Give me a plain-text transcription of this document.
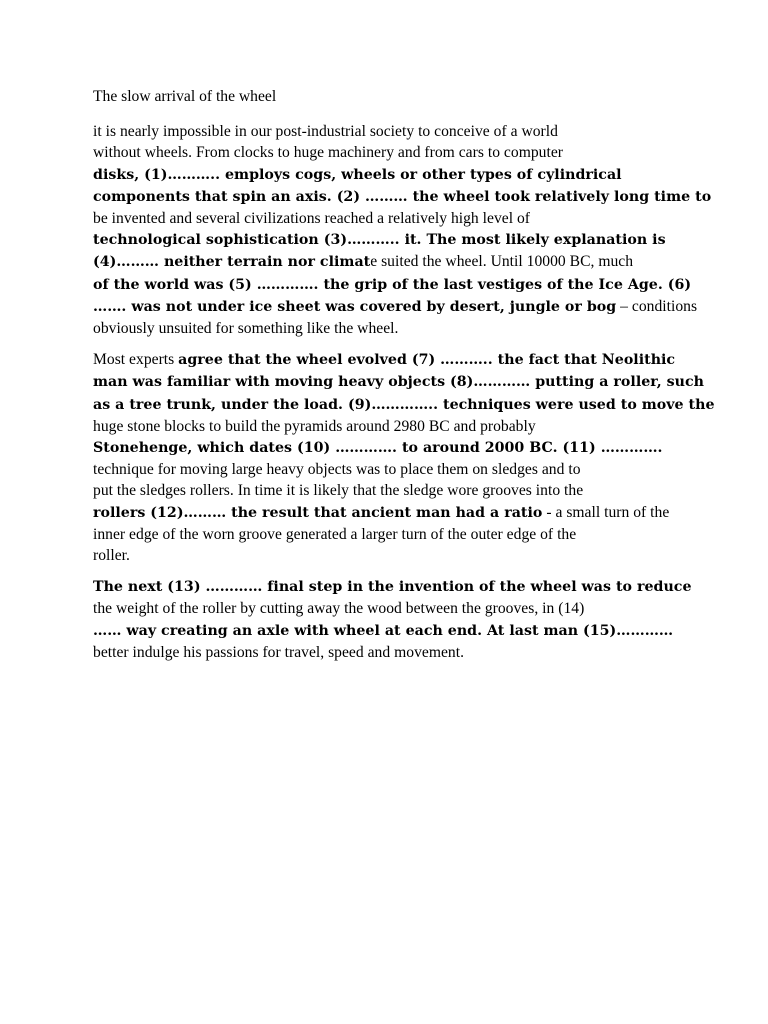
The slow arrival of the wheel

it is nearly impossible in our post-industrial society to conceive of a world
without wheels. From clocks to huge machinery and from cars to computer
disks, (1)……….. employs cogs, wheels or other types of cylindrical
components that spin an axis. (2) ……… the wheel took relatively long time to
be invented and several civilizations reached a relatively high level of
technological sophistication (3)……….. it. The most likely explanation is
(4)……… neither terrain nor climate suited the wheel. Until 10000 BC, much
of the world was (5) …………. the grip of the last vestiges of the Ice Age. (6)
……. was not under ice sheet was covered by desert, jungle or bog – conditions
obviously unsuited for something like the wheel.

Most experts agree that the wheel evolved (7) ……….. the fact that Neolithic
man was familiar with moving heavy objects (8)………… putting a roller, such
as a tree trunk, under the load. (9)………….. techniques were used to move the
huge stone blocks to build the pyramids around 2980 BC and probably
Stonehenge, which dates (10) …………. to around 2000 BC. (11) ………….
technique for moving large heavy objects was to place them on sledges and to
put the sledges rollers. In time it is likely that the sledge wore grooves into the
rollers (12)……… the result that ancient man had a ratio - a small turn of the
inner edge of the worn groove generated a larger turn of the outer edge of the
roller.

The next (13) ………… final step in the invention of the wheel was to reduce
the weight of the roller by cutting away the wood between the grooves, in (14)
…… way creating an axle with wheel at each end. At last man (15)…………
better indulge his passions for travel, speed and movement.
